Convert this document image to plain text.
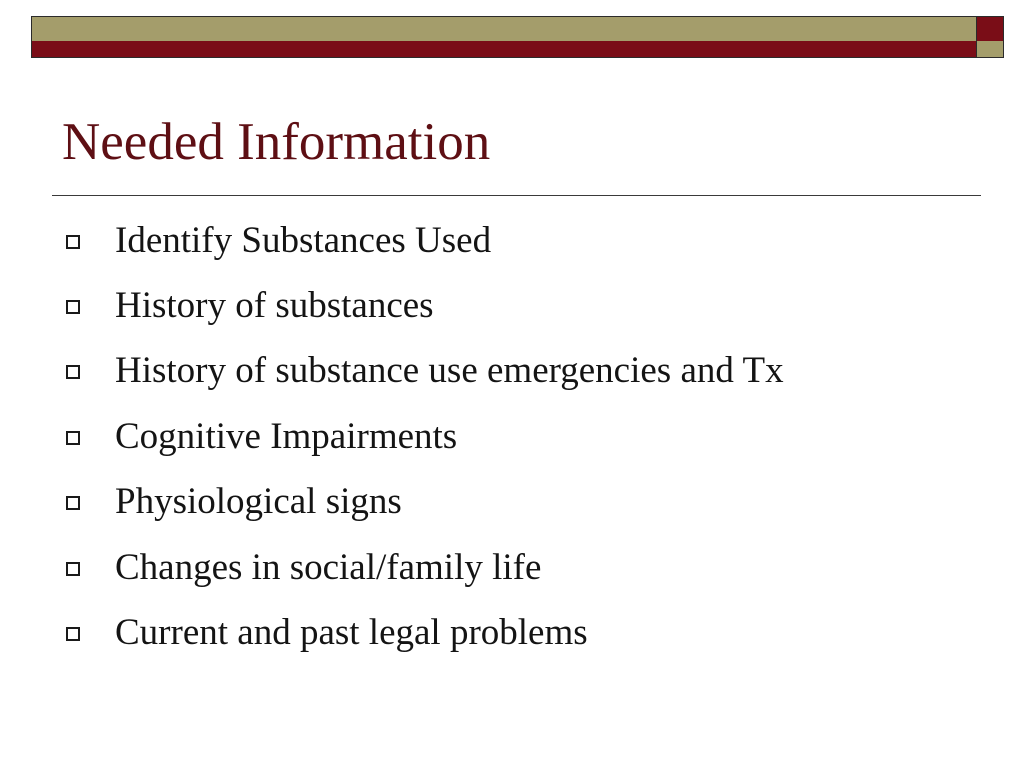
Needed Information
Identify Substances Used
History of substances
History of substance use emergencies and Tx
Cognitive Impairments
Physiological signs
Changes in social/family life
Current and past legal problems
